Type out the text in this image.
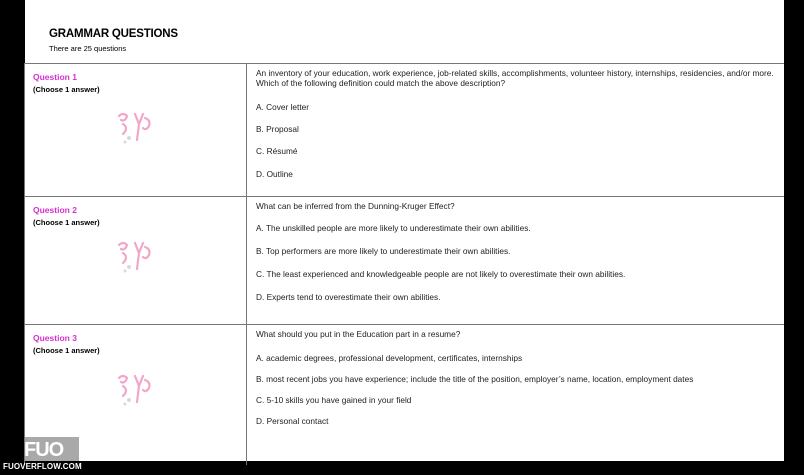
GRAMMAR QUESTIONS
There are 25 questions
Question 1
(Choose 1 answer)
An inventory of your education, work experience, job-related skills, accomplishments, volunteer history, internships, residencies, and/or more. Which of the following definition could match the above description?
A. Cover letter
B. Proposal
C. Résumé
D. Outline
Question 2
(Choose 1 answer)
What can be inferred from the Dunning-Kruger Effect?
A. The unskilled people are more likely to underestimate their own abilities.
B. Top performers are more likely to underestimate their own abilities.
C. The least experienced and knowledgeable people are not likely to overestimate their own abilities.
D. Experts tend to overestimate their own abilities.
Question 3
(Choose 1 answer)
What should you put in the Education part in a resume?
A. academic degrees, professional development, certificates, internships
B. most recent jobs you have experience; include the title of the position, employer’s name, location, employment dates
C. 5-10 skills you have gained in your field
D. Personal contact
FUO
FUOVERFLOW.COM
